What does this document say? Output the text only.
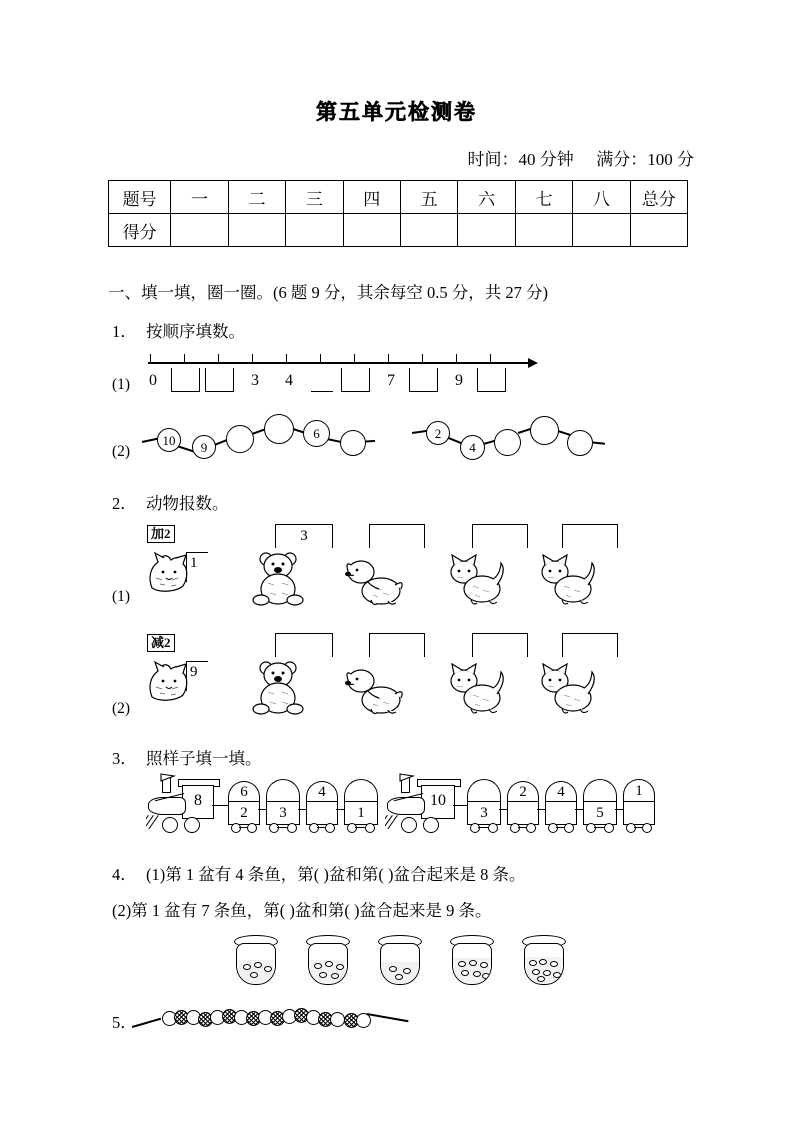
第五单元检测卷
时间：40 分钟 满分：100 分
题号	一	二	三	四	五	六	七	八	总分
得分									
一、填一填，圈一圈。(6 题 9 分，其余每空 0.5 分，共 27 分)
1． 按顺序填数。
(1)	0	3	4	7	9
(2)
10	9
6	2
4
2． 动物报数。
(1)
加2
1
3
(2)
减2
9
3． 照样子填一填。
8	6
2	3
4
1
10
3
2	4
5
1
4． (1)第 1 盆有 4 条鱼，第( )盆和第( )盆合起来是 8 条。
(2)第 1 盆有 7 条鱼，第( )盆和第( )盆合起来是 9 条。
5．
